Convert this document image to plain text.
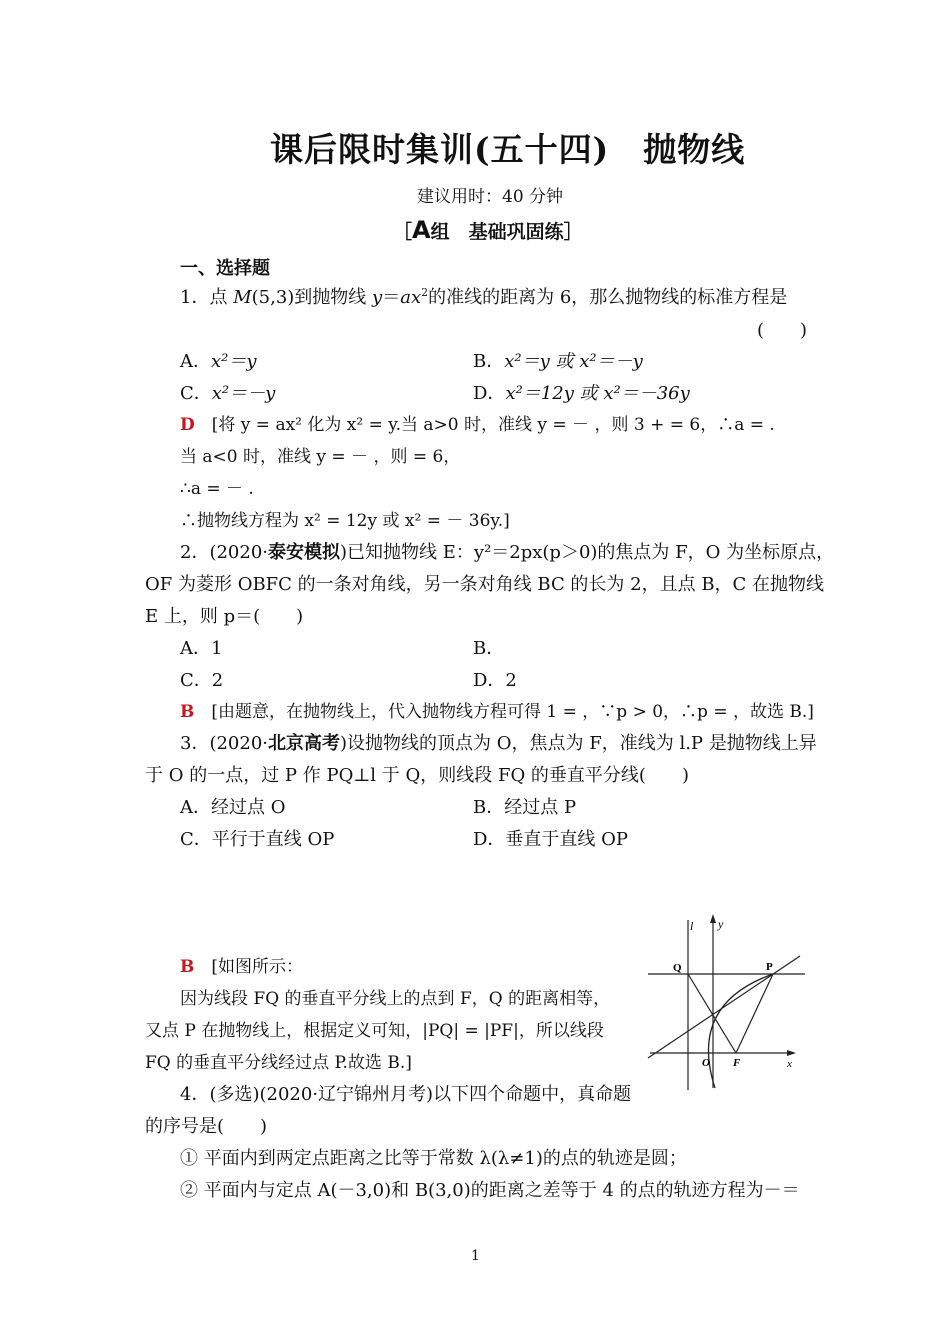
课后限时集训(五十四)　抛物线
建议用时：40 分钟
［A组　基础巩固练］
一、选择题
1．点 M(5,3)到抛物线 $y=ax^2$的准线的距离为 6，那么抛物线的标准方程是
(　　)
A．x²＝y	B．x²＝y 或 x²＝－y
C．x²＝－y	D．x²＝12y 或 x²＝－36y
D　 [将 y = ax² 化为 x² = y.当 a>0 时，准线 y = － ，则 3 + = 6，∴a = .
当 a<0 时，准线 y = － ，则 = 6，
∴a = － .
∴抛物线方程为 x² = 12y 或 x² = － 36y.]
2．(2020·泰安模拟)已知抛物线 E：y²＝2px(p＞0)的焦点为 F，O 为坐标原点，
OF 为菱形 OBFC 的一条对角线，另一条对角线 BC 的长为 2，且点 B，C 在抛物线
E 上，则 p＝(　　)
A．1	B．
C．2	D．2
B　 [由题意，在抛物线上，代入抛物线方程可得 1 = ，∵p > 0，∴p = ，故选 B.]
3．(2020·北京高考)设抛物线的顶点为 O，焦点为 F，准线为 l.P 是抛物线上异
于 O 的一点，过 P 作 PQ⊥l 于 Q，则线段 FQ 的垂直平分线(　　)
A．经过点 O	B．经过点 P
C．平行于直线 OP	D．垂直于直线 OP
B　 [如图所示：
因为线段 FQ 的垂直平分线上的点到 F，Q 的距离相等，
又点 P 在抛物线上，根据定义可知，|PQ| = |PF|，所以线段
FQ 的垂直平分线经过点 P.故选 B.]
l y
Q	P
O F	x
4．(多选)(2020·辽宁锦州月考)以下四个命题中，真命题
的序号是(　　)
① 平面内到两定点距离之比等于常数 λ(λ≠1)的点的轨迹是圆；
② 平面内与定点 A(－3,0)和 B(3,0)的距离之差等于 4 的点的轨迹方程为－＝
1
